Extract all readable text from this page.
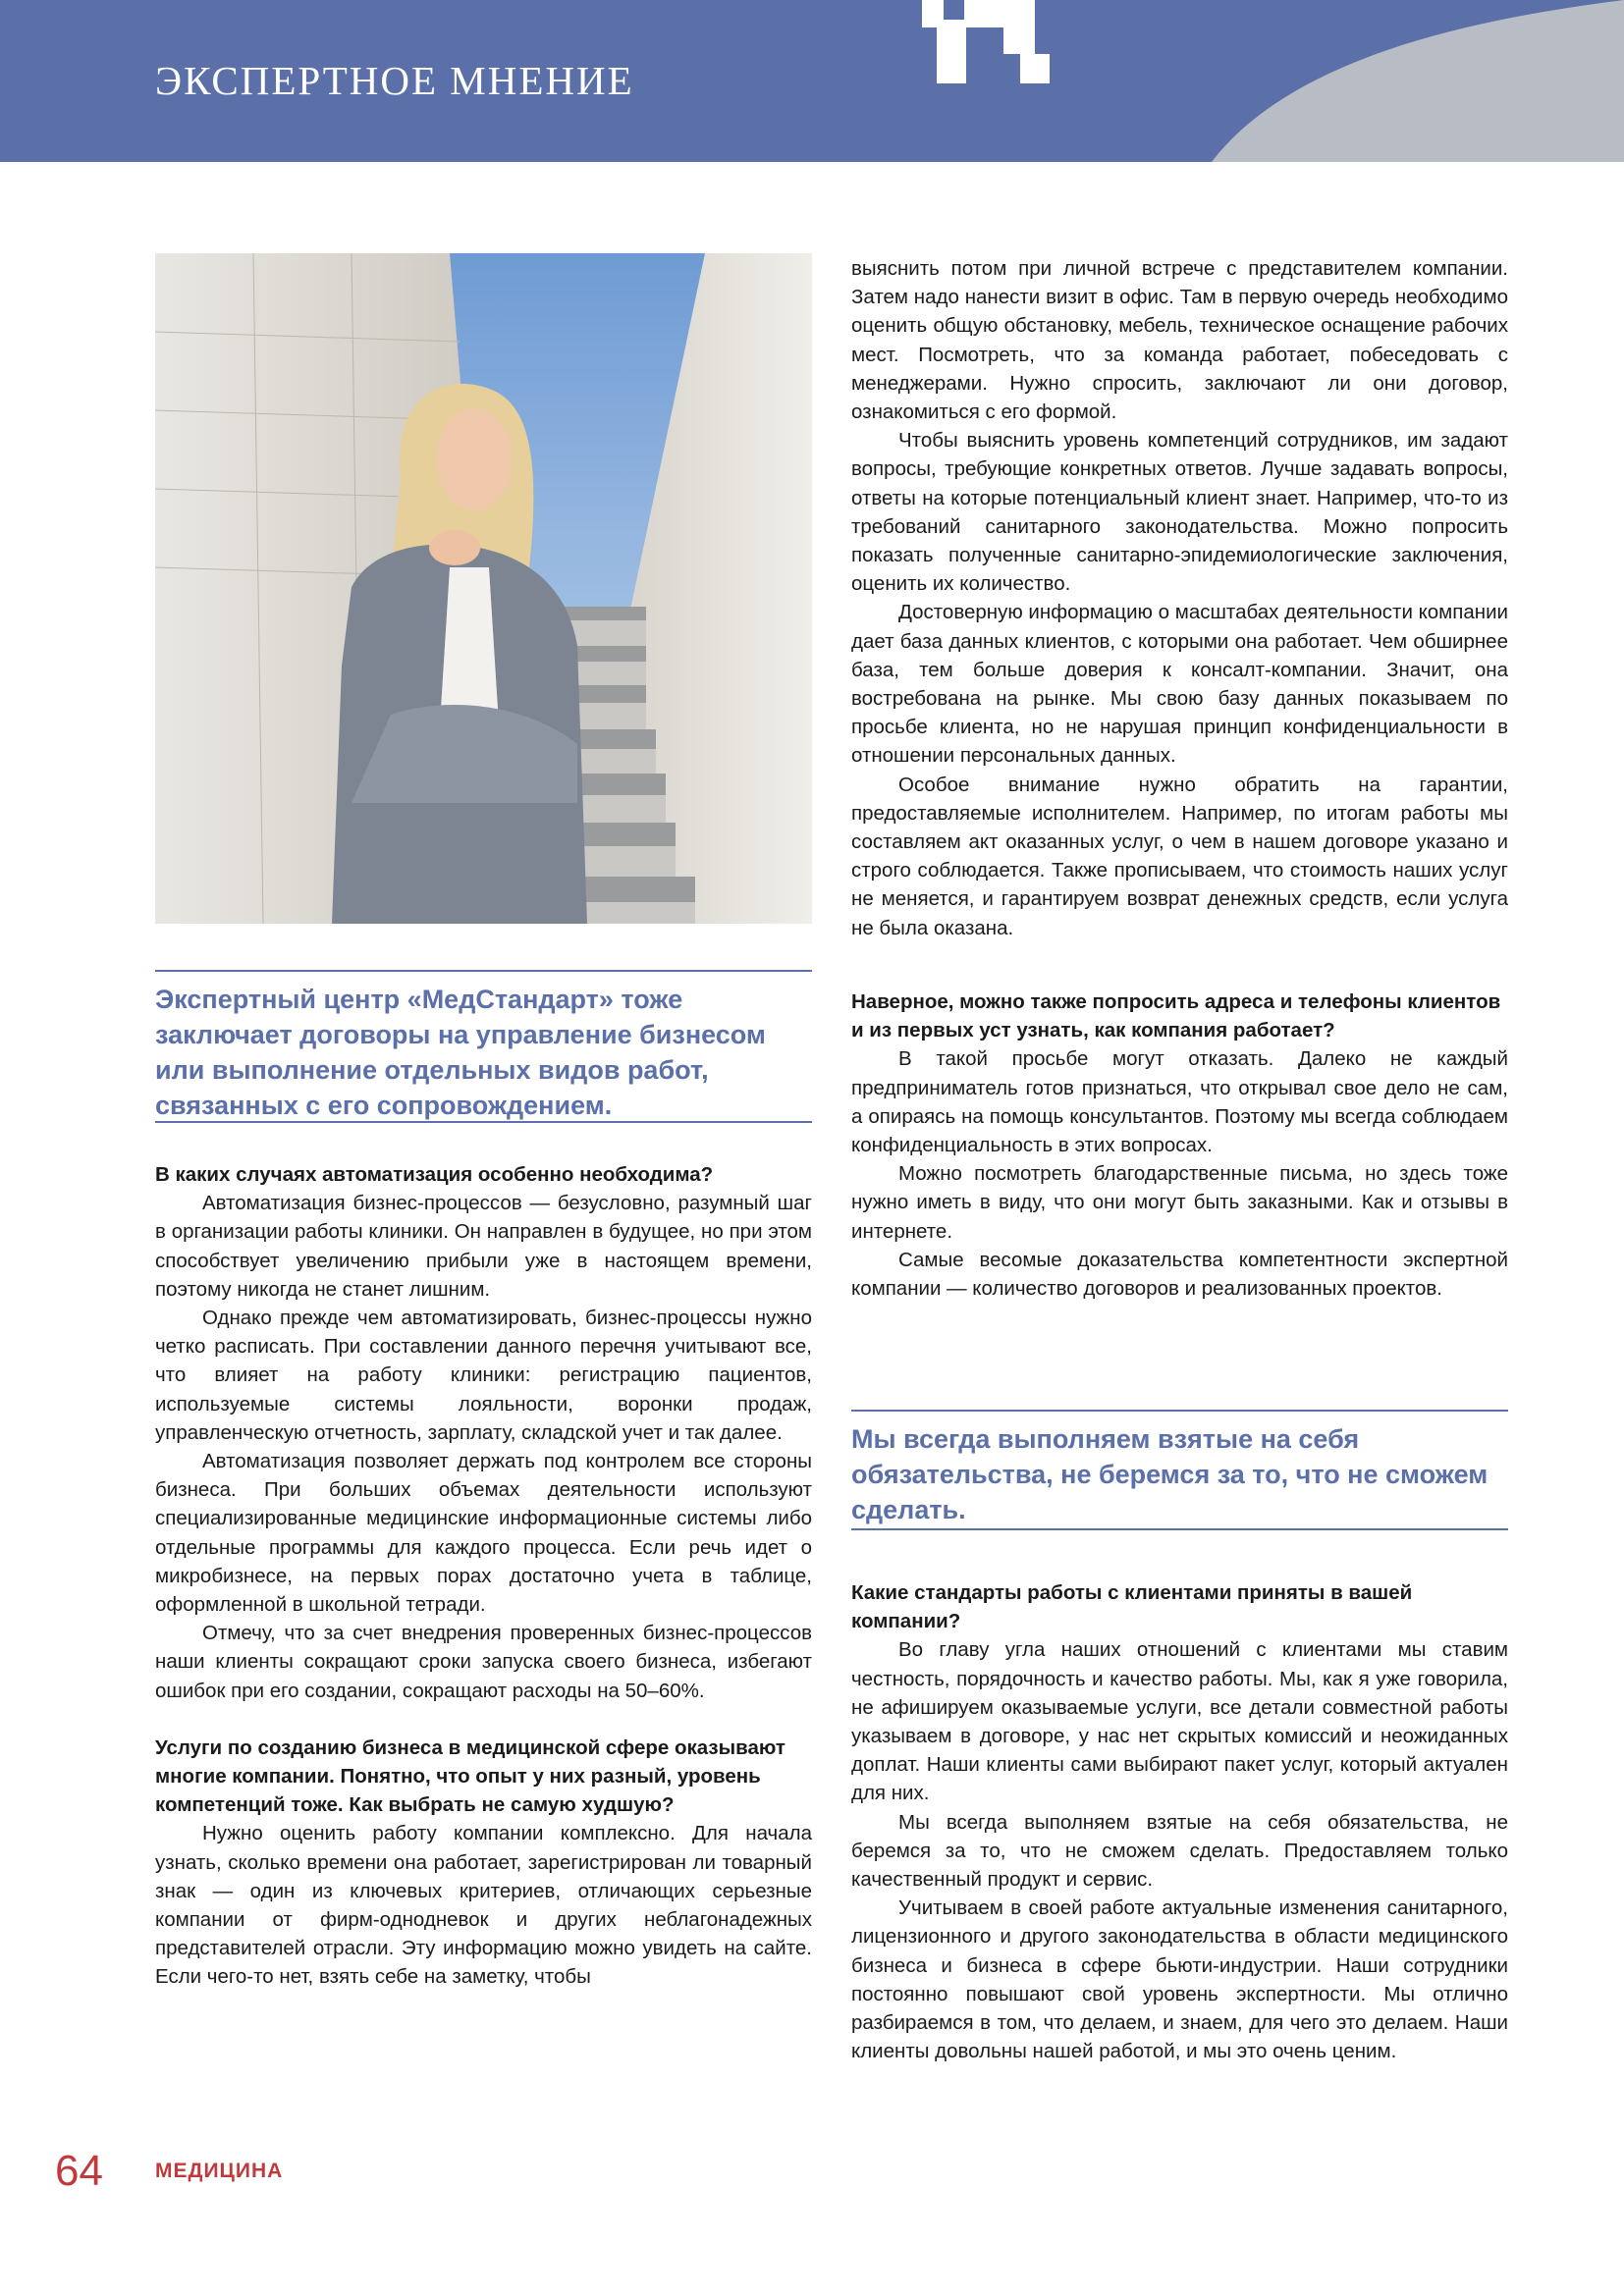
ЭКСПЕРТНОЕ МНЕНИЕ
Экспертный центр «МедСтандарт» тоже заключает договоры на управление бизнесом или выполнение отдельных видов работ, связанных с его сопровождением.
В каких случаях автоматизация особенно необходима?

Автоматизация бизнес-процессов — безусловно, разумный шаг в организации работы клиники. Он направлен в будущее, но при этом способствует увеличению прибыли уже в настоящем времени, поэтому никогда не станет лишним.

Однако прежде чем автоматизировать, бизнес-процессы нужно четко расписать. При составлении данного перечня учитывают все, что влияет на работу клиники: регистрацию пациентов, используемые системы лояльности, воронки продаж, управленческую отчетность, зарплату, складской учет и так далее.

Автоматизация позволяет держать под контролем все стороны бизнеса. При больших объемах деятельности используют специализированные медицинские информационные системы либо отдельные программы для каждого процесса. Если речь идет о микробизнесе, на первых порах достаточно учета в таблице, оформленной в школьной тетради.

Отмечу, что за счет внедрения проверенных бизнес-процессов наши клиенты сокращают сроки запуска своего бизнеса, избегают ошибок при его создании, сокращают расходы на 50–60%.

Услуги по созданию бизнеса в медицинской сфере оказывают многие компании. Понятно, что опыт у них разный, уровень компетенций тоже. Как выбрать не самую худшую?

Нужно оценить работу компании комплексно. Для начала узнать, сколько времени она работает, зарегистрирован ли товарный знак — один из ключевых критериев, отличающих серьезные компании от фирм-однодневок и других неблагонадежных представителей отрасли. Эту информацию можно увидеть на сайте. Если чего-то нет, взять себе на заметку, чтобы

выяснить потом при личной встрече с представителем компании. Затем надо нанести визит в офис. Там в первую очередь необходимо оценить общую обстановку, мебель, техническое оснащение рабочих мест. Посмотреть, что за команда работает, побеседовать с менеджерами. Нужно спросить, заключают ли они договор, ознакомиться с его формой.

Чтобы выяснить уровень компетенций сотрудников, им задают вопросы, требующие конкретных ответов. Лучше задавать вопросы, ответы на которые потенциальный клиент знает. Например, что-то из требований санитарного законодательства. Можно попросить показать полученные санитарно-эпидемиологические заключения, оценить их количество.

Достоверную информацию о масштабах деятельности компании дает база данных клиентов, с которыми она работает. Чем обширнее база, тем больше доверия к консалт-компании. Значит, она востребована на рынке. Мы свою базу данных показываем по просьбе клиента, но не нарушая принцип конфиденциальности в отношении персональных данных.

Особое внимание нужно обратить на гарантии, предоставляемые исполнителем. Например, по итогам работы мы составляем акт оказанных услуг, о чем в нашем договоре указано и строго соблюдается. Также прописываем, что стоимость наших услуг не меняется, и гарантируем возврат денежных средств, если услуга не была оказана.

Наверное, можно также попросить адреса и телефоны клиентов и из первых уст узнать, как компания работает?

В такой просьбе могут отказать. Далеко не каждый предприниматель готов признаться, что открывал свое дело не сам, а опираясь на помощь консультантов. Поэтому мы всегда соблюдаем конфиденциальность в этих вопросах.

Можно посмотреть благодарственные письма, но здесь тоже нужно иметь в виду, что они могут быть заказными. Как и отзывы в интернете.

Самые весомые доказательства компетентности экспертной компании — количество договоров и реализованных проектов.

Мы всегда выполняем взятые на себя обязательства, не беремся за то, что не сможем сделать.
Какие стандарты работы с клиентами приняты в вашей компании?

Во главу угла наших отношений с клиентами мы ставим честность, порядочность и качество работы. Мы, как я уже говорила, не афишируем оказываемые услуги, все детали совместной работы указываем в договоре, у нас нет скрытых комиссий и неожиданных доплат. Наши клиенты сами выбирают пакет услуг, который актуален для них.

Мы всегда выполняем взятые на себя обязательства, не беремся за то, что не сможем сделать. Предоставляем только качественный продукт и сервис.

Учитываем в своей работе актуальные изменения санитарного, лицензионного и другого законодательства в области медицинского бизнеса и бизнеса в сфере бьюти-индустрии. Наши сотрудники постоянно повышают свой уровень экспертности. Мы отлично разбираемся в том, что делаем, и знаем, для чего это делаем. Наши клиенты довольны нашей работой, и мы это очень ценим.

64	МЕДИЦИНА
